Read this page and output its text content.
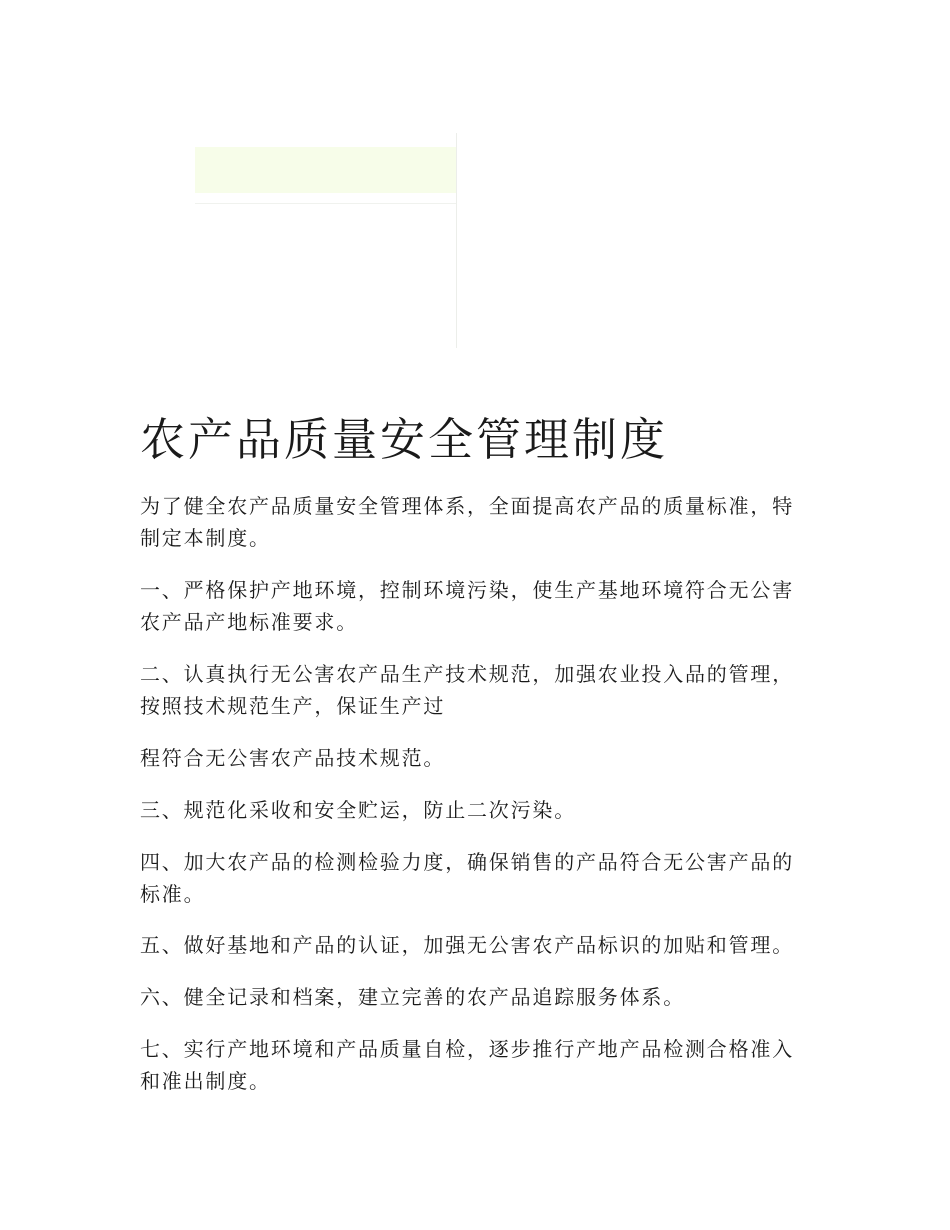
农产品质量安全管理制度

为了健全农产品质量安全管理体系，全面提高农产品的质量标准，特制定本制度。

一、严格保护产地环境，控制环境污染，使生产基地环境符合无公害农产品产地标准要求。

二、认真执行无公害农产品生产技术规范，加强农业投入品的管理，按照技术规范生产，保证生产过

程符合无公害农产品技术规范。

三、规范化采收和安全贮运，防止二次污染。

四、加大农产品的检测检验力度，确保销售的产品符合无公害产品的标准。

五、做好基地和产品的认证，加强无公害农产品标识的加贴和管理。

六、健全记录和档案，建立完善的农产品追踪服务体系。

七、实行产地环境和产品质量自检，逐步推行产地产品检测合格准入和准出制度。
